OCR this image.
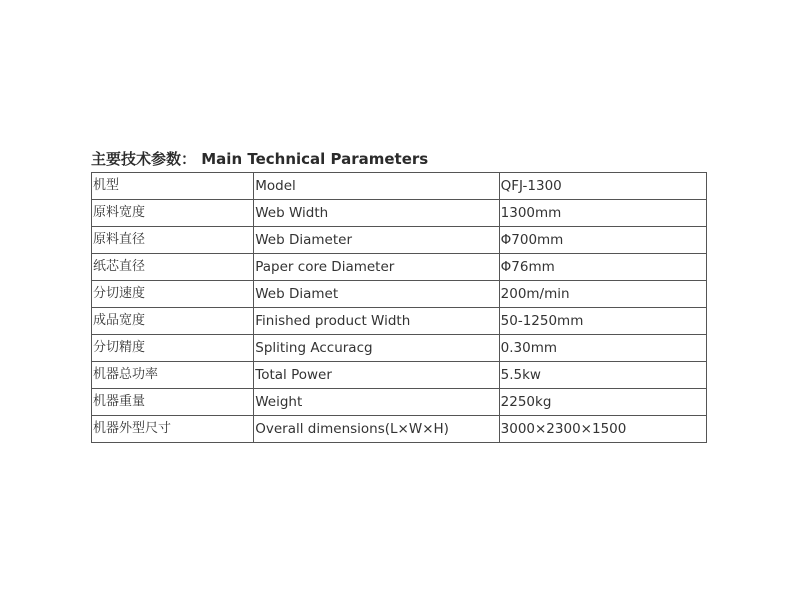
主要技术参数： Main Technical Parameters
机型	Model	QFJ-1300
原料宽度	Web Width	1300mm
原料直径	Web Diameter	Φ700mm
纸芯直径	Paper core Diameter	Φ76mm
分切速度	Web Diamet	200m/min
成品宽度	Finished product Width	50-1250mm
分切精度	Spliting Accuracg	0.30mm
机器总功率	Total Power	5.5kw
机器重量	Weight	2250kg
机器外型尺寸	Overall dimensions(L×W×H)	3000×2300×1500
